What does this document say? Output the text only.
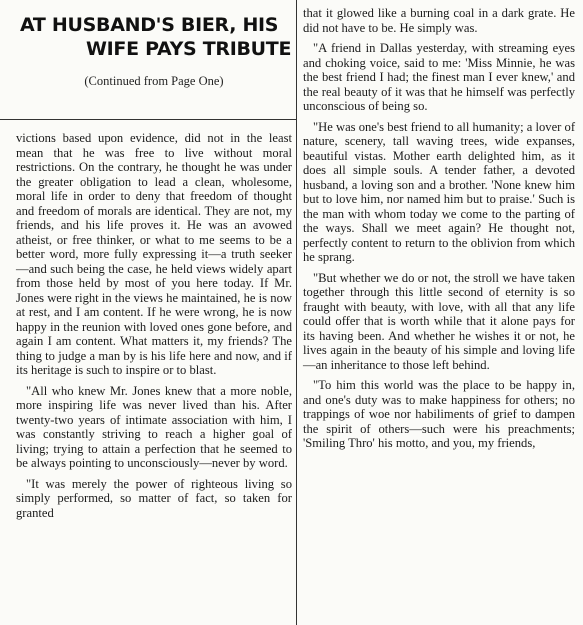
AT HUSBAND'S BIER, HIS
WIFE PAYS TRIBUTE
(Continued from Page One)

victions based upon evidence, did not in the least mean that he was free to live without moral restrictions. On the contrary, he thought he was under the greater obligation to lead a clean, wholesome, moral life in order to deny that freedom of thought and freedom of morals are identical. They are not, my friends, and his life proves it. He was an avowed atheist, or free thinker, or what to me seems to be a better word, more fully expressing it—a truth seeker—and such being the case, he held views widely apart from those held by most of you here today. If Mr. Jones were right in the views he maintained, he is now at rest, and I am content. If he were wrong, he is now happy in the reunion with loved ones gone before, and again I am content. What matters it, my friends? The thing to judge a man by is his life here and now, and if its heritage is such to inspire or to blast.

"All who knew Mr. Jones knew that a more noble, more inspiring life was never lived than his. After twenty-two years of intimate association with him, I was constantly striving to reach a higher goal of living; trying to attain a perfection that he seemed to be always pointing to unconsciously—never by word.

"It was merely the power of righteous living so simply performed, so matter of fact, so taken for granted

that it glowed like a burning coal in a dark grate. He did not have to be. He simply was.

"A friend in Dallas yesterday, with streaming eyes and choking voice, said to me: 'Miss Minnie, he was the best friend I had; the finest man I ever knew,' and the real beauty of it was that he himself was perfectly unconscious of being so.

"He was one's best friend to all humanity; a lover of nature, scenery, tall waving trees, wide expanses, beautiful vistas. Mother earth delighted him, as it does all simple souls. A tender father, a devoted husband, a loving son and a brother. 'None knew him but to love him, nor named him but to praise.' Such is the man with whom today we come to the parting of the ways. Shall we meet again? He thought not, perfectly content to return to the oblivion from which he sprang.

"But whether we do or not, the stroll we have taken together through this little second of eternity is so fraught with beauty, with love, with all that any life could offer that is worth while that it alone pays for its having been. And whether he wishes it or not, he lives again in the beauty of his simple and loving life—an inheritance to those left behind.

"To him this world was the place to be happy in, and one's duty was to make happiness for others; no trappings of woe nor habiliments of grief to dampen the spirit of others—such were his preachments; 'Smiling Thro' his motto, and you, my friends,
